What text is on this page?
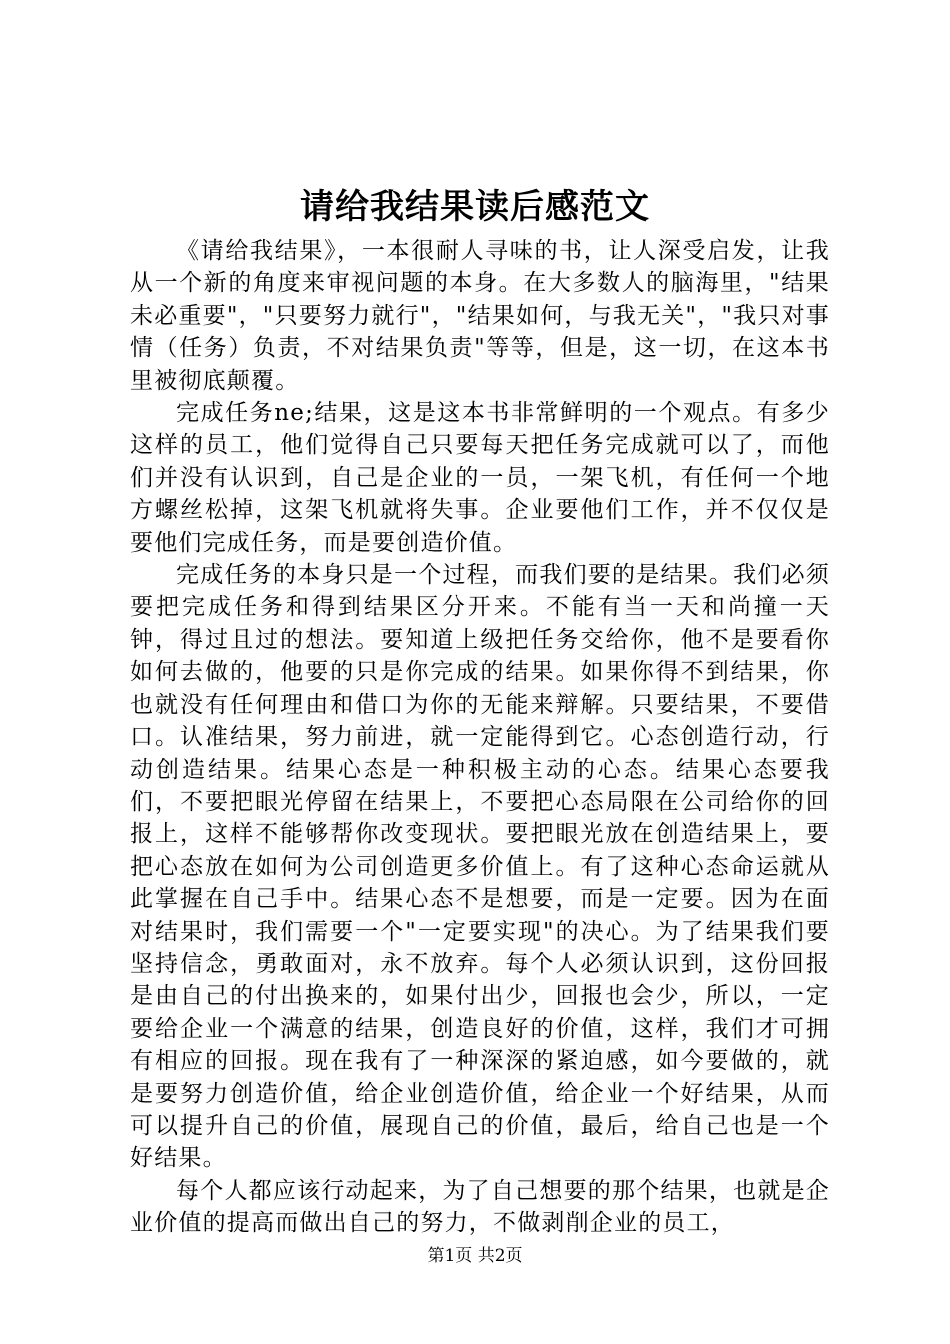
请给我结果读后感范文

《请给我结果》，一本很耐人寻味的书，让人深受启发，让我从一个新的角度来审视问题的本身。在大多数人的脑海里，"结果未必重要"，"只要努力就行"，"结果如何，与我无关"，"我只对事情（任务）负责，不对结果负责"等等，但是，这一切，在这本书里被彻底颠覆。

完成任务ne;结果，这是这本书非常鲜明的一个观点。有多少这样的员工，他们觉得自己只要每天把任务完成就可以了，而他们并没有认识到，自己是企业的一员，一架飞机，有任何一个地方螺丝松掉，这架飞机就将失事。企业要他们工作，并不仅仅是要他们完成任务，而是要创造价值。

完成任务的本身只是一个过程，而我们要的是结果。我们必须要把完成任务和得到结果区分开来。不能有当一天和尚撞一天钟，得过且过的想法。要知道上级把任务交给你，他不是要看你如何去做的，他要的只是你完成的结果。如果你得不到结果，你也就没有任何理由和借口为你的无能来辩解。只要结果，不要借口。认准结果，努力前进，就一定能得到它。心态创造行动，行动创造结果。结果心态是一种积极主动的心态。结果心态要我们，不要把眼光停留在结果上，不要把心态局限在公司给你的回报上，这样不能够帮你改变现状。要把眼光放在创造结果上，要把心态放在如何为公司创造更多价值上。有了这种心态命运就从此掌握在自己手中。结果心态不是想要，而是一定要。因为在面对结果时，我们需要一个"一定要实现"的决心。为了结果我们要坚持信念，勇敢面对，永不放弃。每个人必须认识到，这份回报是由自己的付出换来的，如果付出少，回报也会少，所以，一定要给企业一个满意的结果，创造良好的价值，这样，我们才可拥有相应的回报。现在我有了一种深深的紧迫感，如今要做的，就是要努力创造价值，给企业创造价值，给企业一个好结果，从而可以提升自己的价值，展现自己的价值，最后，给自己也是一个好结果。

每个人都应该行动起来，为了自己想要的那个结果，也就是企业价值的提高而做出自己的努力，不做剥削企业的员工，

第1页 共2页
